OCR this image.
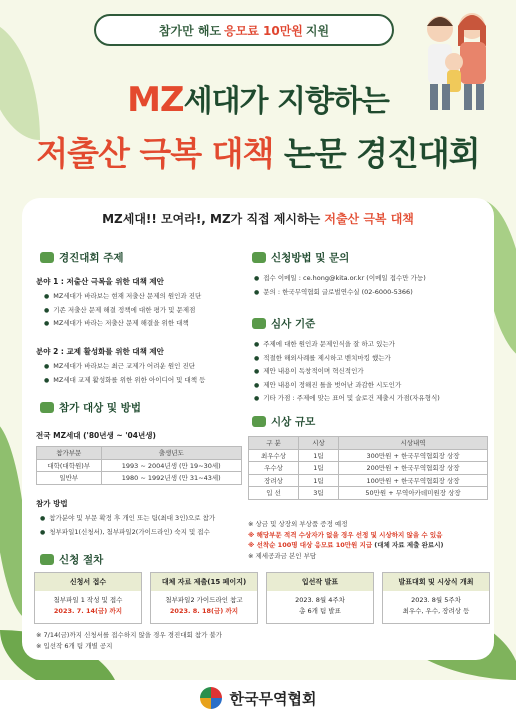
참가만 해도 응모료 10만원 지원
MZ세대가 지향하는
저출산 극복 대책 논문 경진대회
MZ세대!! 모여라!, MZ가 직접 제시하는 저출산 극복 대책
경진대회 주제
분야 1 : 저출산 극복을 위한 대책 제안
● MZ세대가 바라보는 현재 저출산 문제의 원인과 진단
● 기존 저출산 문제 해결 정책에 대한 평가 및 문제점
● MZ세대가 바라는 저출산 문제 해결을 위한 대책
분야 2 : 교제 활성화를 위한 대책 제안
● MZ세대가 바라보는 최근 교제가 어려운 원인 진단
● MZ세대 교제 활성화를 위한 위한 아이디어 및 대책 등
참가 대상 및 방법
참가부문	출생년도
대학(대학원)부	1993 ~ 2004년생 (만 19~30세)
일반부	1980 ~ 1992년생 (만 31~43세)
전국 MZ세대 ('80년생 ~ '04년생)
참가 방법
● 참가분야 및 부문 확정 후 개인 또는 팀(최대 3인)으로 참가
● 청부파일1(신청서), 첨부파일2(가이드라인) 숙지 및 접수
신청방법 및 문의
● 접수 이메일 : ce.hong@kita.or.kr (이메일 접수만 가능)
● 문의 : 한국무역협회 글로벌연수실 (02-6000-5366)
심사 기준
● 주제에 대한 원인과 문제인식을 잘 하고 있는가
● 적절한 해외사례를 제시하고 벤치마킹 했는가
● 제안 내용이 독창적이며 혁신적인가
● 제안 내용이 정해진 틀을 벗어난 과감한 시도인가
● 기타 가점 : 주제에 맞는 표어 및 슬로건 제출시 가점(자유형식)
시상 규모
구 분	시상	시상내역
최우수상	1팀	300만원 + 한국무역협회장 상장
우수상	1팀	200만원 + 한국무역협회장 상장
장려상	1팀	100만원 + 한국무역협회장 상장
입 선	3팀	50만원 + 무역아카데미원장 상장
※ 상금 및 상장외 부상품 증정 예정
※ 해당부문 적격 수상자가 없을 경우 선정 및 시상하지 않을 수 있음
※ 선착순 100명 대상 응모료 10만원 지급 (대체 자료 제출 완료시)
※ 제세공과금 본인 부담
신청 절차
신청서 접수
첨부파일 1 작성 및 접수
2023. 7. 14(금) 까지
대체 자료 제출(15 페이지)
첨부파일2 가이드라인 참고
2023. 8. 18(금) 까지
입선작 발표
2023. 8월 4주차
총 6개 팀 발표
발표대회 및 시상식 개최
2023. 8월 5주차
최우수, 우수, 장려상 등
※ 7/14(금)까지 신청서를 접수하지 않을 경우 경진대회 참가 불가
※ 입선작 6개 팀 개별 공지
한국무역협회
